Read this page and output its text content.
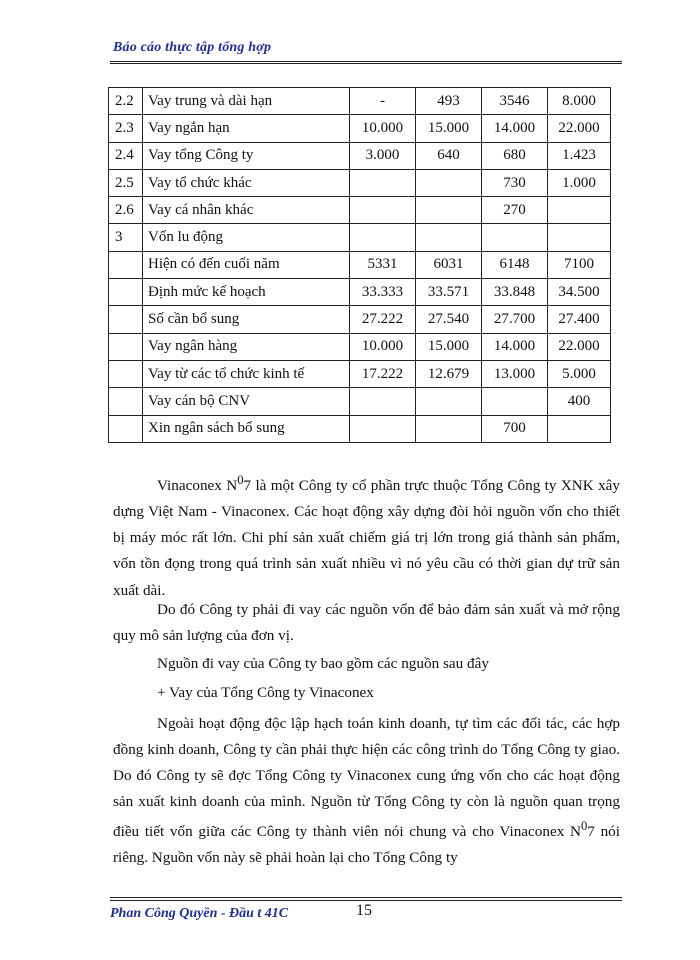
Báo cáo thực tập tổng hợp
2.2	Vay trung và dài hạn	-	493	3546	8.000
2.3	Vay ngắn hạn	10.000	15.000	14.000	22.000
2.4	Vay tổng Công ty	3.000	640	680	1.423
2.5	Vay tổ chức khác			730	1.000
2.6	Vay cá nhân khác			270	
3	Vốn lu động				
	Hiện có đến cuối năm	5331	6031	6148	7100
	Định mức kế hoạch	33.333	33.571	33.848	34.500
	Số cần bổ sung	27.222	27.540	27.700	27.400
	Vay ngân hàng	10.000	15.000	14.000	22.000
	Vay từ các tổ chức kinh tế	17.222	12.679	13.000	5.000
	Vay cán bộ CNV				400
	Xin ngân sách bổ sung			700	

Vinaconex $N^07$ là một Công ty cổ phần trực thuộc Tổng Công ty XNK xây dựng Việt Nam - Vinaconex. Các hoạt động xây dựng đòi hỏi nguồn vốn cho thiết bị máy móc rất lớn. Chi phí sản xuất chiếm giá trị lớn trong giá thành sản phẩm, vốn tồn đọng trong quá trình sản xuất nhiều vì nó yêu cầu có thời gian dự trữ sản xuất dài.

Do đó Công ty phải đi vay các nguồn vốn để bảo đảm sản xuất và mở rộng quy mô sản lượng của đơn vị.

Nguồn đi vay của Công ty bao gồm các nguồn sau đây

+ Vay của Tổng Công ty Vinaconex

Ngoài hoạt động độc lập hạch toán kinh doanh, tự tìm các đối tác, các hợp đồng kinh doanh, Công ty cần phải thực hiện các công trình do Tổng Công ty giao. Do đó Công ty sẽ đợc Tổng Công ty Vinaconex cung ứng vốn cho các hoạt động sản xuất kinh doanh của mình. Nguồn từ Tổng Công ty còn là nguồn quan trọng điều tiết vốn giữa các Công ty thành viên nói chung và cho Vinaconex $N^07$ nói riêng. Nguồn vốn này sẽ phải hoàn lại cho Tổng Công ty

Phan Công Quyền - Đầu t 41C	15
